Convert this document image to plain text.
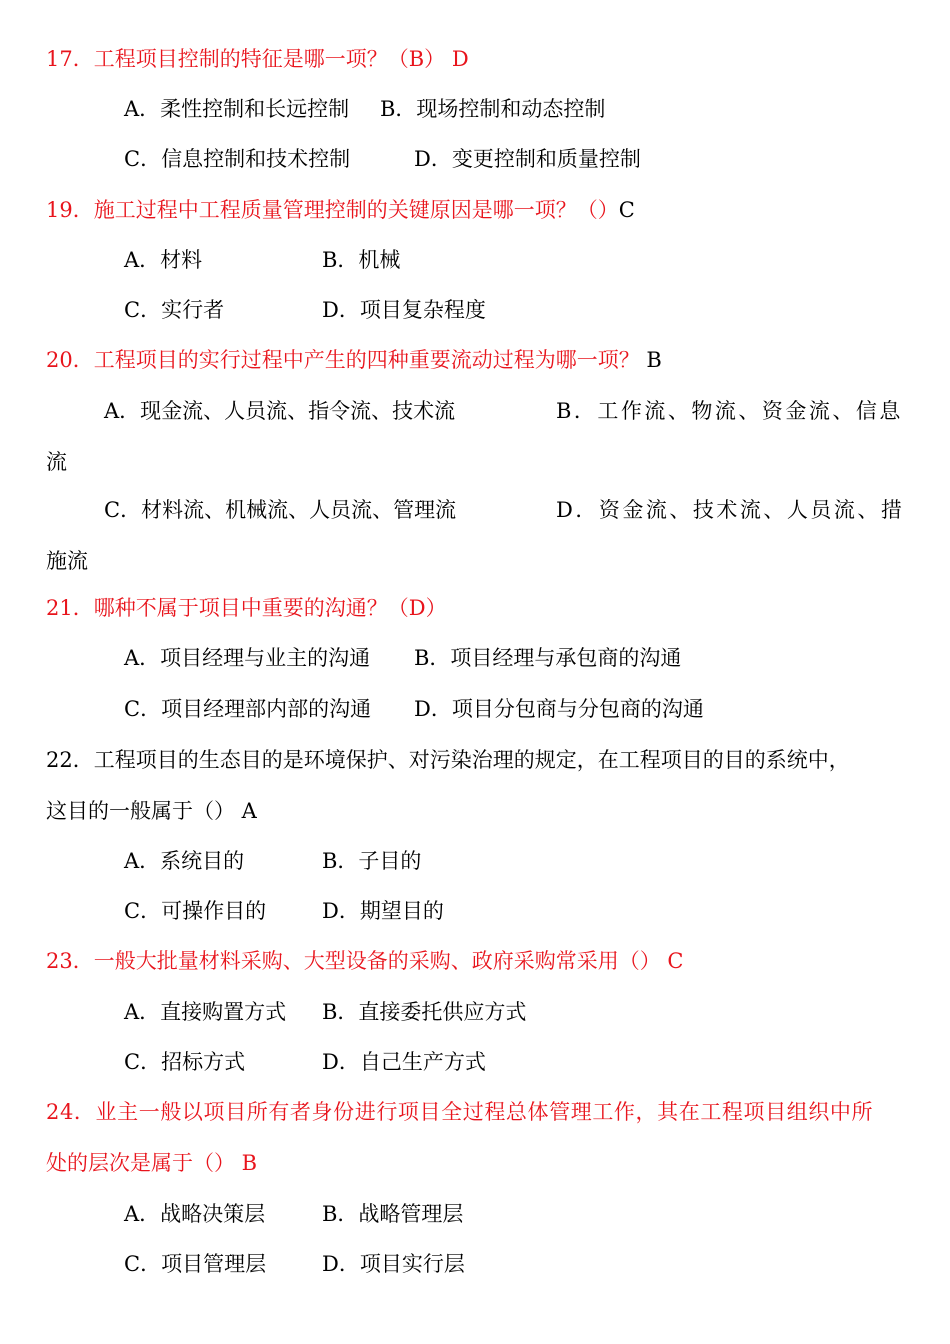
17．工程项目控制的特征是哪一项？（B） D
A．柔性控制和长远控制 B．现场控制和动态控制
C．信息控制和技术控制	D．变更控制和质量控制
19．施工过程中工程质量管理控制的关键原因是哪一项？（）C
A．材料	B．机械
C．实行者	D．项目复杂程度
20．工程项目的实行过程中产生的四种重要流动过程为哪一项？ B
A．现金流、人员流、指令流、技术流	B．工作流、物流、资金流、信息
流
C．材料流、机械流、人员流、管理流	D．资金流、技术流、人员流、措
施流
21．哪种不属于项目中重要的沟通？（D）
A．项目经理与业主的沟通 B．项目经理与承包商的沟通
C．项目经理部内部的沟通 D．项目分包商与分包商的沟通
22．工程项目的生态目的是环境保护、对污染治理的规定，在工程项目的目的系统中，
这目的一般属于（） A
A．系统目的	B．子目的
C．可操作目的	D．期望目的
23．一般大批量材料采购、大型设备的采购、政府采购常采用（） C
A．直接购置方式 B．直接委托供应方式
C．招标方式	D．自己生产方式
24．业主一般以项目所有者身份进行项目全过程总体管理工作，其在工程项目组织中所
处的层次是属于（） B
A．战略决策层	B．战略管理层
C．项目管理层	D．项目实行层
